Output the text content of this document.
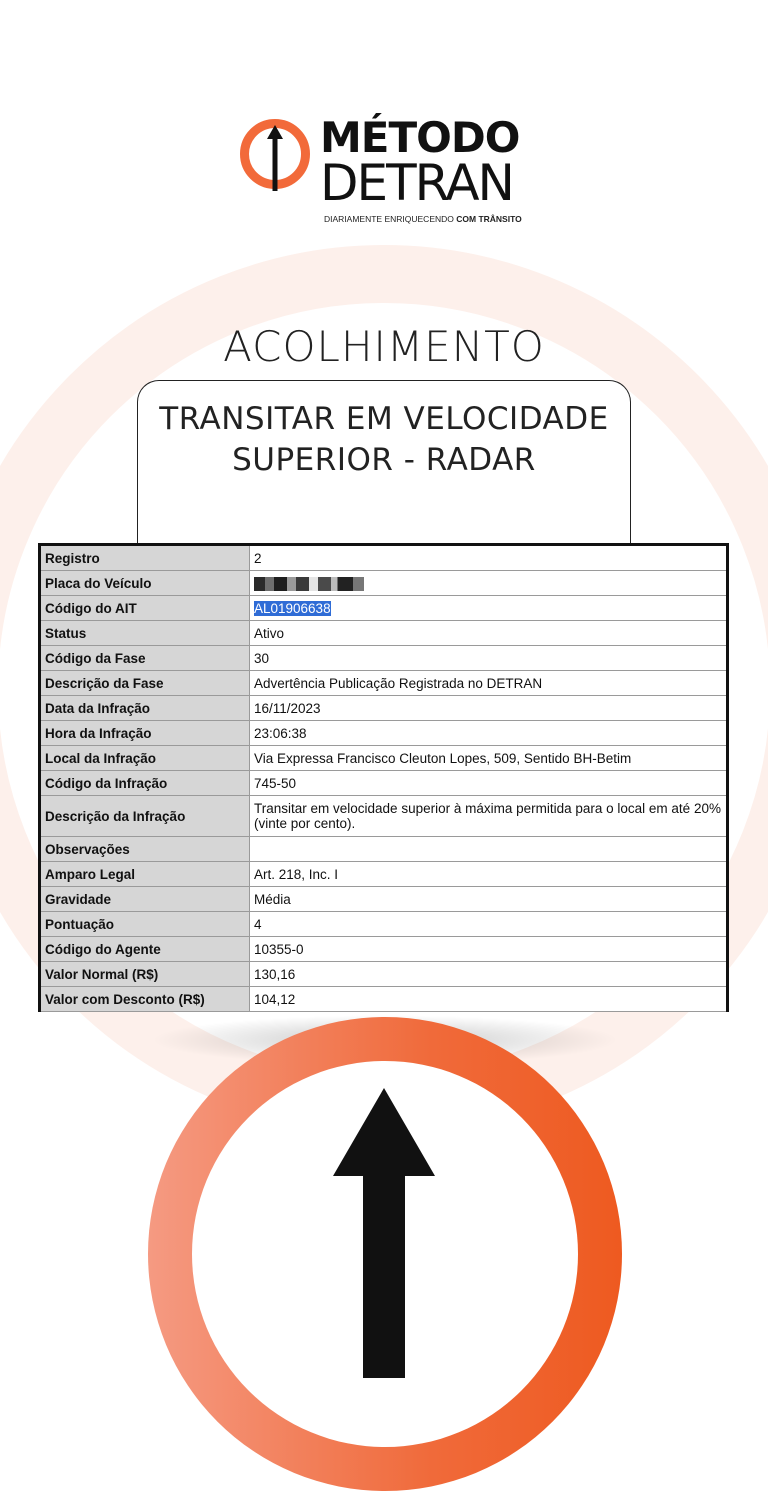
MÉTODO
DETRAN
DIARIAMENTE ENRIQUECENDO COM TRÂNSITO
ACOLHIMENTO
TRANSITAR EM VELOCIDADE SUPERIOR - RADAR
Registro	2
Placa do Veículo	
Código do AIT	AL01906638
Status	Ativo
Código da Fase	30
Descrição da Fase	Advertência Publicação Registrada no DETRAN
Data da Infração	16/11/2023
Hora da Infração	23:06:38
Local da Infração	Via Expressa Francisco Cleuton Lopes, 509, Sentido BH-Betim
Código da Infração	745-50
Descrição da Infração	Transitar em velocidade superior à máxima permitida para o local em até 20% (vinte por cento).
Observações	
Amparo Legal	Art. 218, Inc. I
Gravidade	Média
Pontuação	4
Código do Agente	10355-0
Valor Normal (R$)	130,16
Valor com Desconto (R$)	104,12
